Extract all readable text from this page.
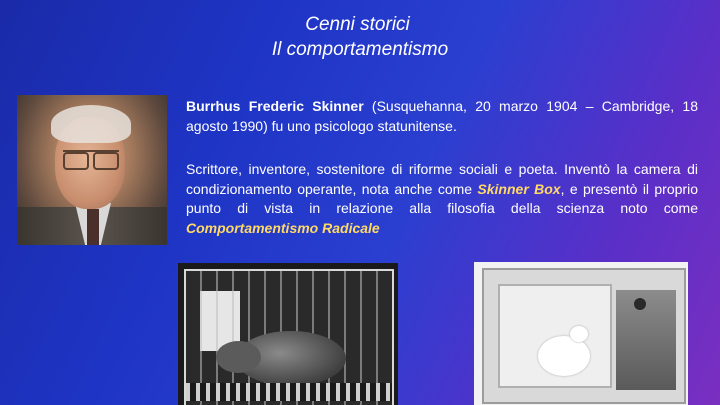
Cenni storici
Il comportamentismo
Burrhus Frederic Skinner (Susquehanna, 20 marzo 1904 – Cambridge, 18 agosto 1990) fu uno psicologo statunitense.
Scrittore, inventore, sostenitore di riforme sociali e poeta. Inventò la camera di condizionamento operante, nota anche come Skinner Box, e presentò il proprio punto di vista in relazione alla filosofia della scienza noto come Comportamentismo Radicale
